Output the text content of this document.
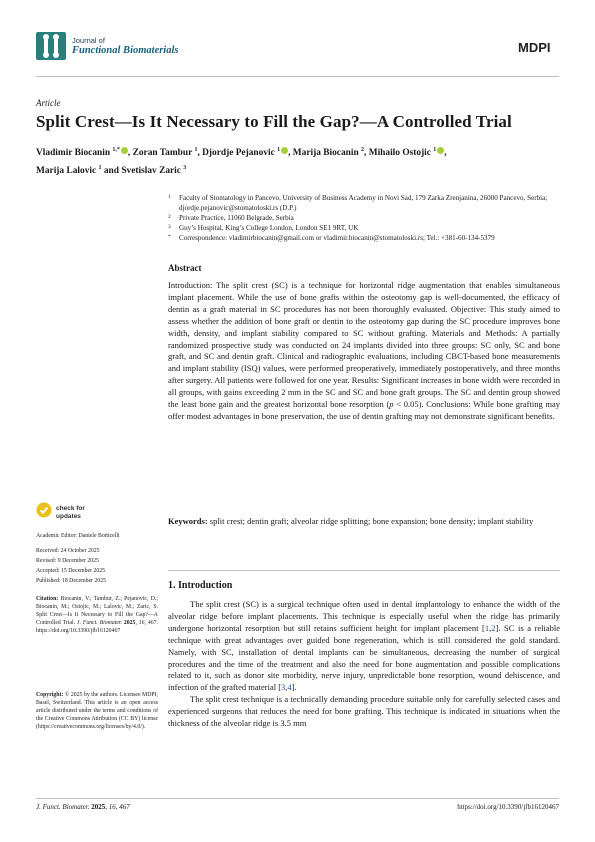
Journal of
Functional Biomaterials	MDPI
Article
Split Crest—Is It Necessary to Fill the Gap?—A Controlled Trial
Vladimir Biocanin $^{1,*}$ , Zoran Tambur $^1$, Djordje Pejanovic $^1$ , Marija Biocanin $^2$, Mihailo Ostojic $^1$ ,
Marija Lalovic $^1$ and Svetislav Zaric $^3$
1 Faculty of Stomatology in Pancevo, University of Business Academy in Novi Sad, 179 Zarka Zrenjanina, 26000 Pancevo, Serbia; djordje.pejanovic@stomatoloski.rs (D.P.)
2 Private Practice, 11060 Belgrade, Serbia
3 Guy’s Hospital, King’s College London, London SE1 9RT, UK
* Correspondence: vladimirbiocanin@gmail.com or vladimir.biocanin@stomatoloski.rs; Tel.: +381-60-134-5379
Abstract
Introduction: The split crest (SC) is a technique for horizontal ridge augmentation that enables simultaneous implant placement. While the use of bone grafts within the osteotomy gap is well-documented, the efficacy of dentin as a graft material in SC procedures has not been thoroughly evaluated. Objective: This study aimed to assess whether the addition of bone graft or dentin to the osteotomy gap during the SC procedure improves bone width, density, and implant stability compared to SC without grafting. Materials and Methods: A partially randomized prospective study was conducted on 24 implants divided into three groups: SC only, SC and bone graft, and SC and dentin graft. Clinical and radiographic evaluations, including CBCT-based bone measurements and implant stability (ISQ) values, were performed preoperatively, immediately postoperatively, and three months after surgery. All patients were followed for one year. Results: Significant increases in bone width were recorded in all groups, with gains exceeding 2 mm in the SC and SC and bone graft groups. The SC and dentin group showed the least bone gain and the greatest horizontal bone resorption (p < 0.05). Conclusions: While bone grafting may offer modest advantages in bone preservation, the use of dentin grafting may not demonstrate significant benefits.
Keywords: split crest; dentin graft; alveolar ridge splitting; bone expansion; bone density; implant stability
1. Introduction

The split crest (SC) is a surgical technique often used in dental implantology to enhance the width of the alveolar ridge before implant placements. This technique is especially useful when the ridge has primarily undergone horizontal resorption but still retains sufficient height for implant placement [1,2]. SC is a reliable technique with great advantages over guided bone regeneration, which is still considered the gold standard. Namely, with SC, installation of dental implants can be simultaneous, decreasing the number of surgical procedures and the time of the treatment and also the need for bone augmentation and possible complications related to it, such as donor site morbidity, nerve injury, unpredictable bone resorption, wound dehiscence, and infection of the grafted material [3,4].

The split crest technique is a technically demanding procedure suitable only for carefully selected cases and experienced surgeons that reduces the need for bone grafting. This technique is indicated in situations when the thickness of the alveolar ridge is 3.5 mm

check for
updates
Academic Editor: Daniele Botticelli
Received: 24 October 2025
Revised: 9 December 2025
Accepted: 15 December 2025
Published: 18 December 2025
Citation: Biocanin, V.; Tambur, Z.; Pejanovic, D.; Biocanin, M.; Ostojic, M.; Lalovic, M.; Zaric, S. Split Crest—Is It Necessary to Fill the Gap?—A Controlled Trial. J. Funct. Biomater. 2025, 16, 467. https://doi.org/10.3390/jfb16120467
Copyright: © 2025 by the authors. Licensee MDPI, Basel, Switzerland. This article is an open access article distributed under the terms and conditions of the Creative Commons Attribution (CC BY) license (https://creativecommons.org/licenses/by/4.0/).
J. Funct. Biomater. 2025, 16, 467	https://doi.org/10.3390/jfb16120467
